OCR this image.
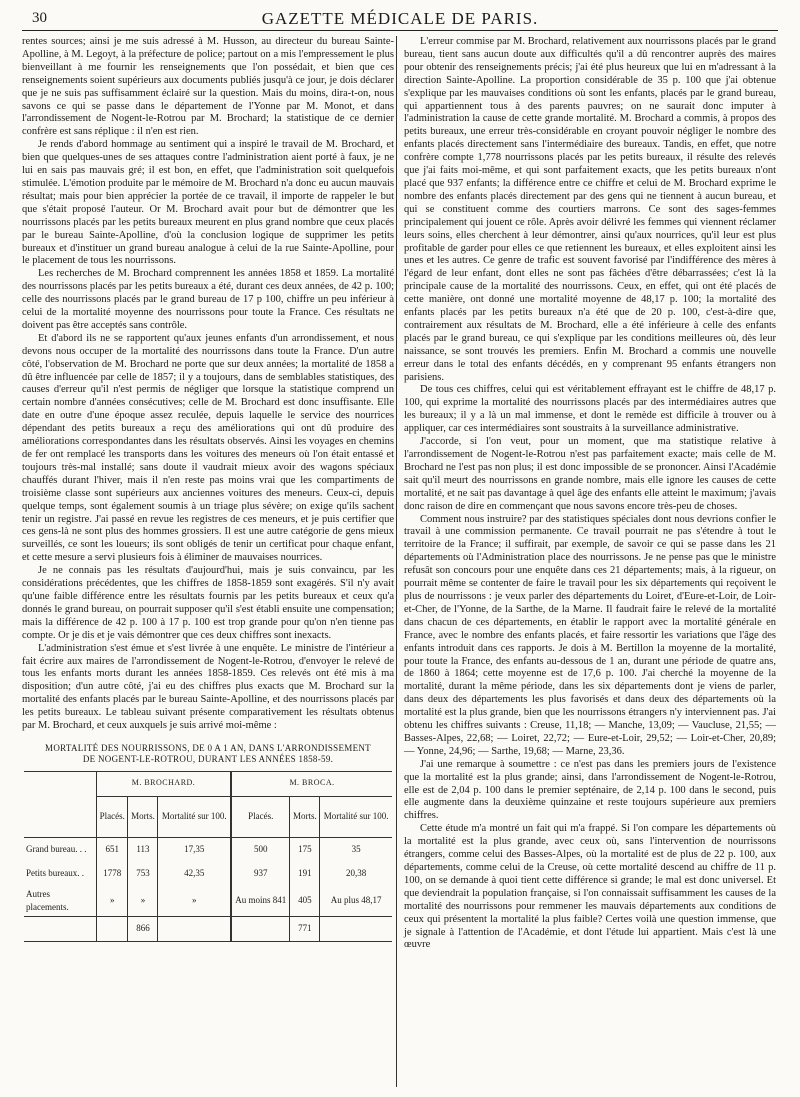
30	GAZETTE MÉDICALE DE PARIS.

rentes sources; ainsi je me suis adressé à M. Husson, au directeur du bureau Sainte-Apolline, à M. Legoyt, à la préfecture de police; partout on a mis l'empressement le plus bienveillant à me fournir les renseignements que l'on possédait, et bien que ces renseignements soient supérieurs aux documents publiés jusqu'à ce jour, je dois déclarer que je ne suis pas suffisamment éclairé sur la question. Mais du moins, dira-t-on, nous savons ce qui se passe dans le département de l'Yonne par M. Monot, et dans l'arrondissement de Nogent-le-Rotrou par M. Brochard; la statistique de ce dernier confrère est sans réplique : il n'en est rien.

Je rends d'abord hommage au sentiment qui a inspiré le travail de M. Brochard, et bien que quelques-unes de ses attaques contre l'administration aient porté à faux, je ne lui en sais pas mauvais gré; il est bon, en effet, que l'administration soit quelquefois stimulée. L'émotion produite par le mémoire de M. Brochard n'a donc eu aucun mauvais résultat; mais pour bien apprécier la portée de ce travail, il importe de rappeler le but que s'était proposé l'auteur. Or M. Brochard avait pour but de démontrer que les nourrissons placés par les petits bureaux meurent en plus grand nombre que ceux placés par le bureau Sainte-Apolline, d'où la conclusion logique de supprimer les petits bureaux et d'instituer un grand bureau analogue à celui de la rue Sainte-Apolline, pour le placement de tous les nourrissons.

Les recherches de M. Brochard comprennent les années 1858 et 1859. La mortalité des nourrissons placés par les petits bureaux a été, durant ces deux années, de 42 p. 100; celle des nourrissons placés par le grand bureau de 17 p 100, chiffre un peu inférieur à celui de la mortalité moyenne des nourrissons pour toute la France. Ces résultats ne doivent pas être acceptés sans contrôle.

Et d'abord ils ne se rapportent qu'aux jeunes enfants d'un arrondissement, et nous devons nous occuper de la mortalité des nourrissons dans toute la France. D'un autre côté, l'observation de M. Brochard ne porte que sur deux années; la mortalité de 1858 a dû être influencée par celle de 1857; il y a toujours, dans de semblables statistiques, des causes d'erreur qu'il n'est permis de négliger que lorsque la statistique comprend un certain nombre d'années consécutives; celle de M. Brochard est donc insuffisante. Elle date en outre d'une époque assez reculée, depuis laquelle le service des nourrices dépendant des petits bureaux a reçu des améliorations qui ont dû produire des améliorations correspondantes dans les résultats observés. Ainsi les voyages en chemins de fer ont remplacé les transports dans les voitures des meneurs où l'on était entassé et toujours très-mal installé; sans doute il vaudrait mieux avoir des wagons spéciaux chauffés durant l'hiver, mais il n'en reste pas moins vrai que les compartiments de troisième classe sont supérieurs aux anciennes voitures des meneurs. Ceux-ci, depuis quelque temps, sont également soumis à un triage plus sévère; on exige qu'ils sachent tenir un registre. J'ai passé en revue les registres de ces meneurs, et je puis certifier que ces gens-là ne sont plus des hommes grossiers. Il est une autre catégorie de gens mieux surveillés, ce sont les loueurs; ils sont obligés de tenir un certificat pour chaque enfant, et cette mesure a servi plusieurs fois à éliminer de mauvaises nourrices.

Je ne connais pas les résultats d'aujourd'hui, mais je suis convaincu, par les considérations précédentes, que les chiffres de 1858-1859 sont exagérés. S'il n'y avait qu'une faible différence entre les résultats fournis par les petits bureaux et ceux qu'a donnés le grand bureau, on pourrait supposer qu'il s'est établi ensuite une compensation; mais la différence de 42 p. 100 à 17 p. 100 est trop grande pour qu'on n'en tienne pas compte. Or je dis et je vais démontrer que ces deux chiffres sont inexacts.

L'administration s'est émue et s'est livrée à une enquête. Le ministre de l'intérieur a fait écrire aux maires de l'arrondissement de Nogent-le-Rotrou, d'envoyer le relevé de tous les enfants morts durant les années 1858-1859. Ces relevés ont été mis à ma disposition; d'un autre côté, j'ai eu des chiffres plus exacts que M. Brochard sur la mortalité des enfants placés par le bureau Sainte-Apolline, et des nourrissons placés par les petits bureaux. Le tableau suivant présente comparativement les résultats obtenus par M. Brochard, et ceux auxquels je suis arrivé moi-même :

MORTALITÉ DES NOURRISSONS, DE 0 A 1 AN, DANS L'ARRONDISSEMENT
DE NOGENT-LE-ROTROU, DURANT LES ANNÉES 1858-59.
	M. BROCHARD.			M. BROCA.		
	Placés.	Morts.	Mortalité sur 100.	Placés.	Morts.	Mortalité sur 100.
Grand bureau. . .	651	113	17,35	500	175	35
Petits bureaux. .	1778	753	42,35	937	191	20,38
Autres placements.	»	»	»	Au moins 841	405	Au plus 48,17
		866			771	

L'erreur commise par M. Brochard, relativement aux nourrissons placés par le grand bureau, tient sans aucun doute aux difficultés qu'il a dû rencontrer auprès des maires pour obtenir des renseignements précis; j'ai été plus heureux que lui en m'adressant à la direction Sainte-Apolline. La proportion considérable de 35 p. 100 que j'ai obtenue s'explique par les mauvaises conditions où sont les enfants, placés par le grand bureau, qui appartiennent tous à des parents pauvres; on ne saurait donc imputer à l'administration la cause de cette grande mortalité. M. Brochard a commis, à propos des petits bureaux, une erreur très-considérable en croyant pouvoir négliger le nombre des enfants placés directement sans l'intermédiaire des bureaux. Tandis, en effet, que notre confrère compte 1,778 nourrissons placés par les petits bureaux, il résulte des relevés que j'ai faits moi-même, et qui sont parfaitement exacts, que les petits bureaux n'ont placé que 937 enfants; la différence entre ce chiffre et celui de M. Brochard exprime le nombre des enfants placés directement par des gens qui ne tiennent à aucun bureau, et qui se constituent comme des courtiers marrons. Ce sont des sages-femmes principalement qui jouent ce rôle. Après avoir délivré les femmes qui viennent réclamer leurs soins, elles cherchent à leur démontrer, ainsi qu'aux nourrices, qu'il leur est plus profitable de garder pour elles ce que retiennent les bureaux, et elles exploitent ainsi les unes et les autres. Ce genre de trafic est souvent favorisé par l'indifférence des mères à l'égard de leur enfant, dont elles ne sont pas fâchées d'être débarrassées; c'est là la principale cause de la mortalité des nourrissons. Ceux, en effet, qui ont été placés de cette manière, ont donné une mortalité moyenne de 48,17 p. 100; la mortalité des enfants placés par les petits bureaux n'a été que de 20 p. 100, c'est-à-dire que, contrairement aux résultats de M. Brochard, elle a été inférieure à celle des enfants placés par le grand bureau, ce qui s'explique par les conditions meilleures où, dès leur naissance, se sont trouvés les premiers. Enfin M. Brochard a commis une nouvelle erreur dans le total des enfants décédés, en y comprenant 95 enfants étrangers non parisiens.

De tous ces chiffres, celui qui est véritablement effrayant est le chiffre de 48,17 p. 100, qui exprime la mortalité des nourrissons placés par des intermédiaires autres que les bureaux; il y a là un mal immense, et dont le remède est difficile à trouver ou à appliquer, car ces intermédiaires sont soustraits à la surveillance administrative.

J'accorde, si l'on veut, pour un moment, que ma statistique relative à l'arrondissement de Nogent-le-Rotrou n'est pas parfaitement exacte; mais celle de M. Brochard ne l'est pas non plus; il est donc impossible de se prononcer. Ainsi l'Académie sait qu'il meurt des nourrissons en grande nombre, mais elle ignore les causes de cette mortalité, et ne sait pas davantage à quel âge des enfants elle atteint le maximum; j'avais donc raison de dire en commençant que nous savons encore très-peu de choses.

Comment nous instruire? par des statistiques spéciales dont nous devrions confier le travail à une commission permanente. Ce travail pourrait ne pas s'étendre à tout le territoire de la France; il suffirait, par exemple, de savoir ce qui se passe dans les 21 départements où l'Administration place des nourrissons. Je ne pense pas que le ministre refusât son concours pour une enquête dans ces 21 départements; mais, à la rigueur, on pourrait même se contenter de faire le travail pour les six départements qui reçoivent le plus de nourrissons : je veux parler des départements du Loiret, d'Eure-et-Loir, de Loir-et-Cher, de l'Yonne, de la Sarthe, de la Marne. Il faudrait faire le relevé de la mortalité dans chacun de ces départements, en établir le rapport avec la mortalité générale en France, avec le nombre des enfants placés, et faire ressortir les variations que l'âge des enfants introduit dans ces rapports. Je dois à M. Bertillon la moyenne de la mortalité, pour toute la France, des enfants au-dessous de 1 an, durant une période de quatre ans, de 1860 à 1864; cette moyenne est de 17,6 p. 100. J'ai cherché la moyenne de la mortalité, durant la même période, dans les six départements dont je viens de parler, dans deux des départements les plus favorisés et dans deux des départements où la mortalité est la plus grande, bien que les nourrissons étrangers n'y interviennent pas. J'ai obtenu les chiffres suivants : Creuse, 11,18; — Manche, 13,09; — Vaucluse, 21,55; — Basses-Alpes, 22,68; — Loiret, 22,72; — Eure-et-Loir, 29,52; — Loir-et-Cher, 20,89; — Yonne, 24,96; — Sarthe, 19,68; — Marne, 23,36.

J'ai une remarque à soumettre : ce n'est pas dans les premiers jours de l'existence que la mortalité est la plus grande; ainsi, dans l'arrondissement de Nogent-le-Rotrou, elle est de 2,04 p. 100 dans le premier septénaire, de 2,14 p. 100 dans le second, puis elle augmente dans la deuxième quinzaine et reste toujours supérieure aux premiers chiffres.

Cette étude m'a montré un fait qui m'a frappé. Si l'on compare les départements où la mortalité est la plus grande, avec ceux où, sans l'intervention de nourrissons étrangers, comme celui des Basses-Alpes, où la mortalité est de plus de 22 p. 100, aux départements, comme celui de la Creuse, où cette mortalité descend au chiffre de 11 p. 100, on se demande à quoi tient cette différence si grande; le mal est donc universel. Et que deviendrait la population française, si l'on connaissait suffisamment les causes de la mortalité des nourrissons pour remmener les mauvais départements aux conditions de ceux qui présentent la mortalité la plus faible? Certes voilà une question immense, que je signale à l'attention de l'Académie, et dont l'étude lui appartient. Mais c'est là une œuvre
